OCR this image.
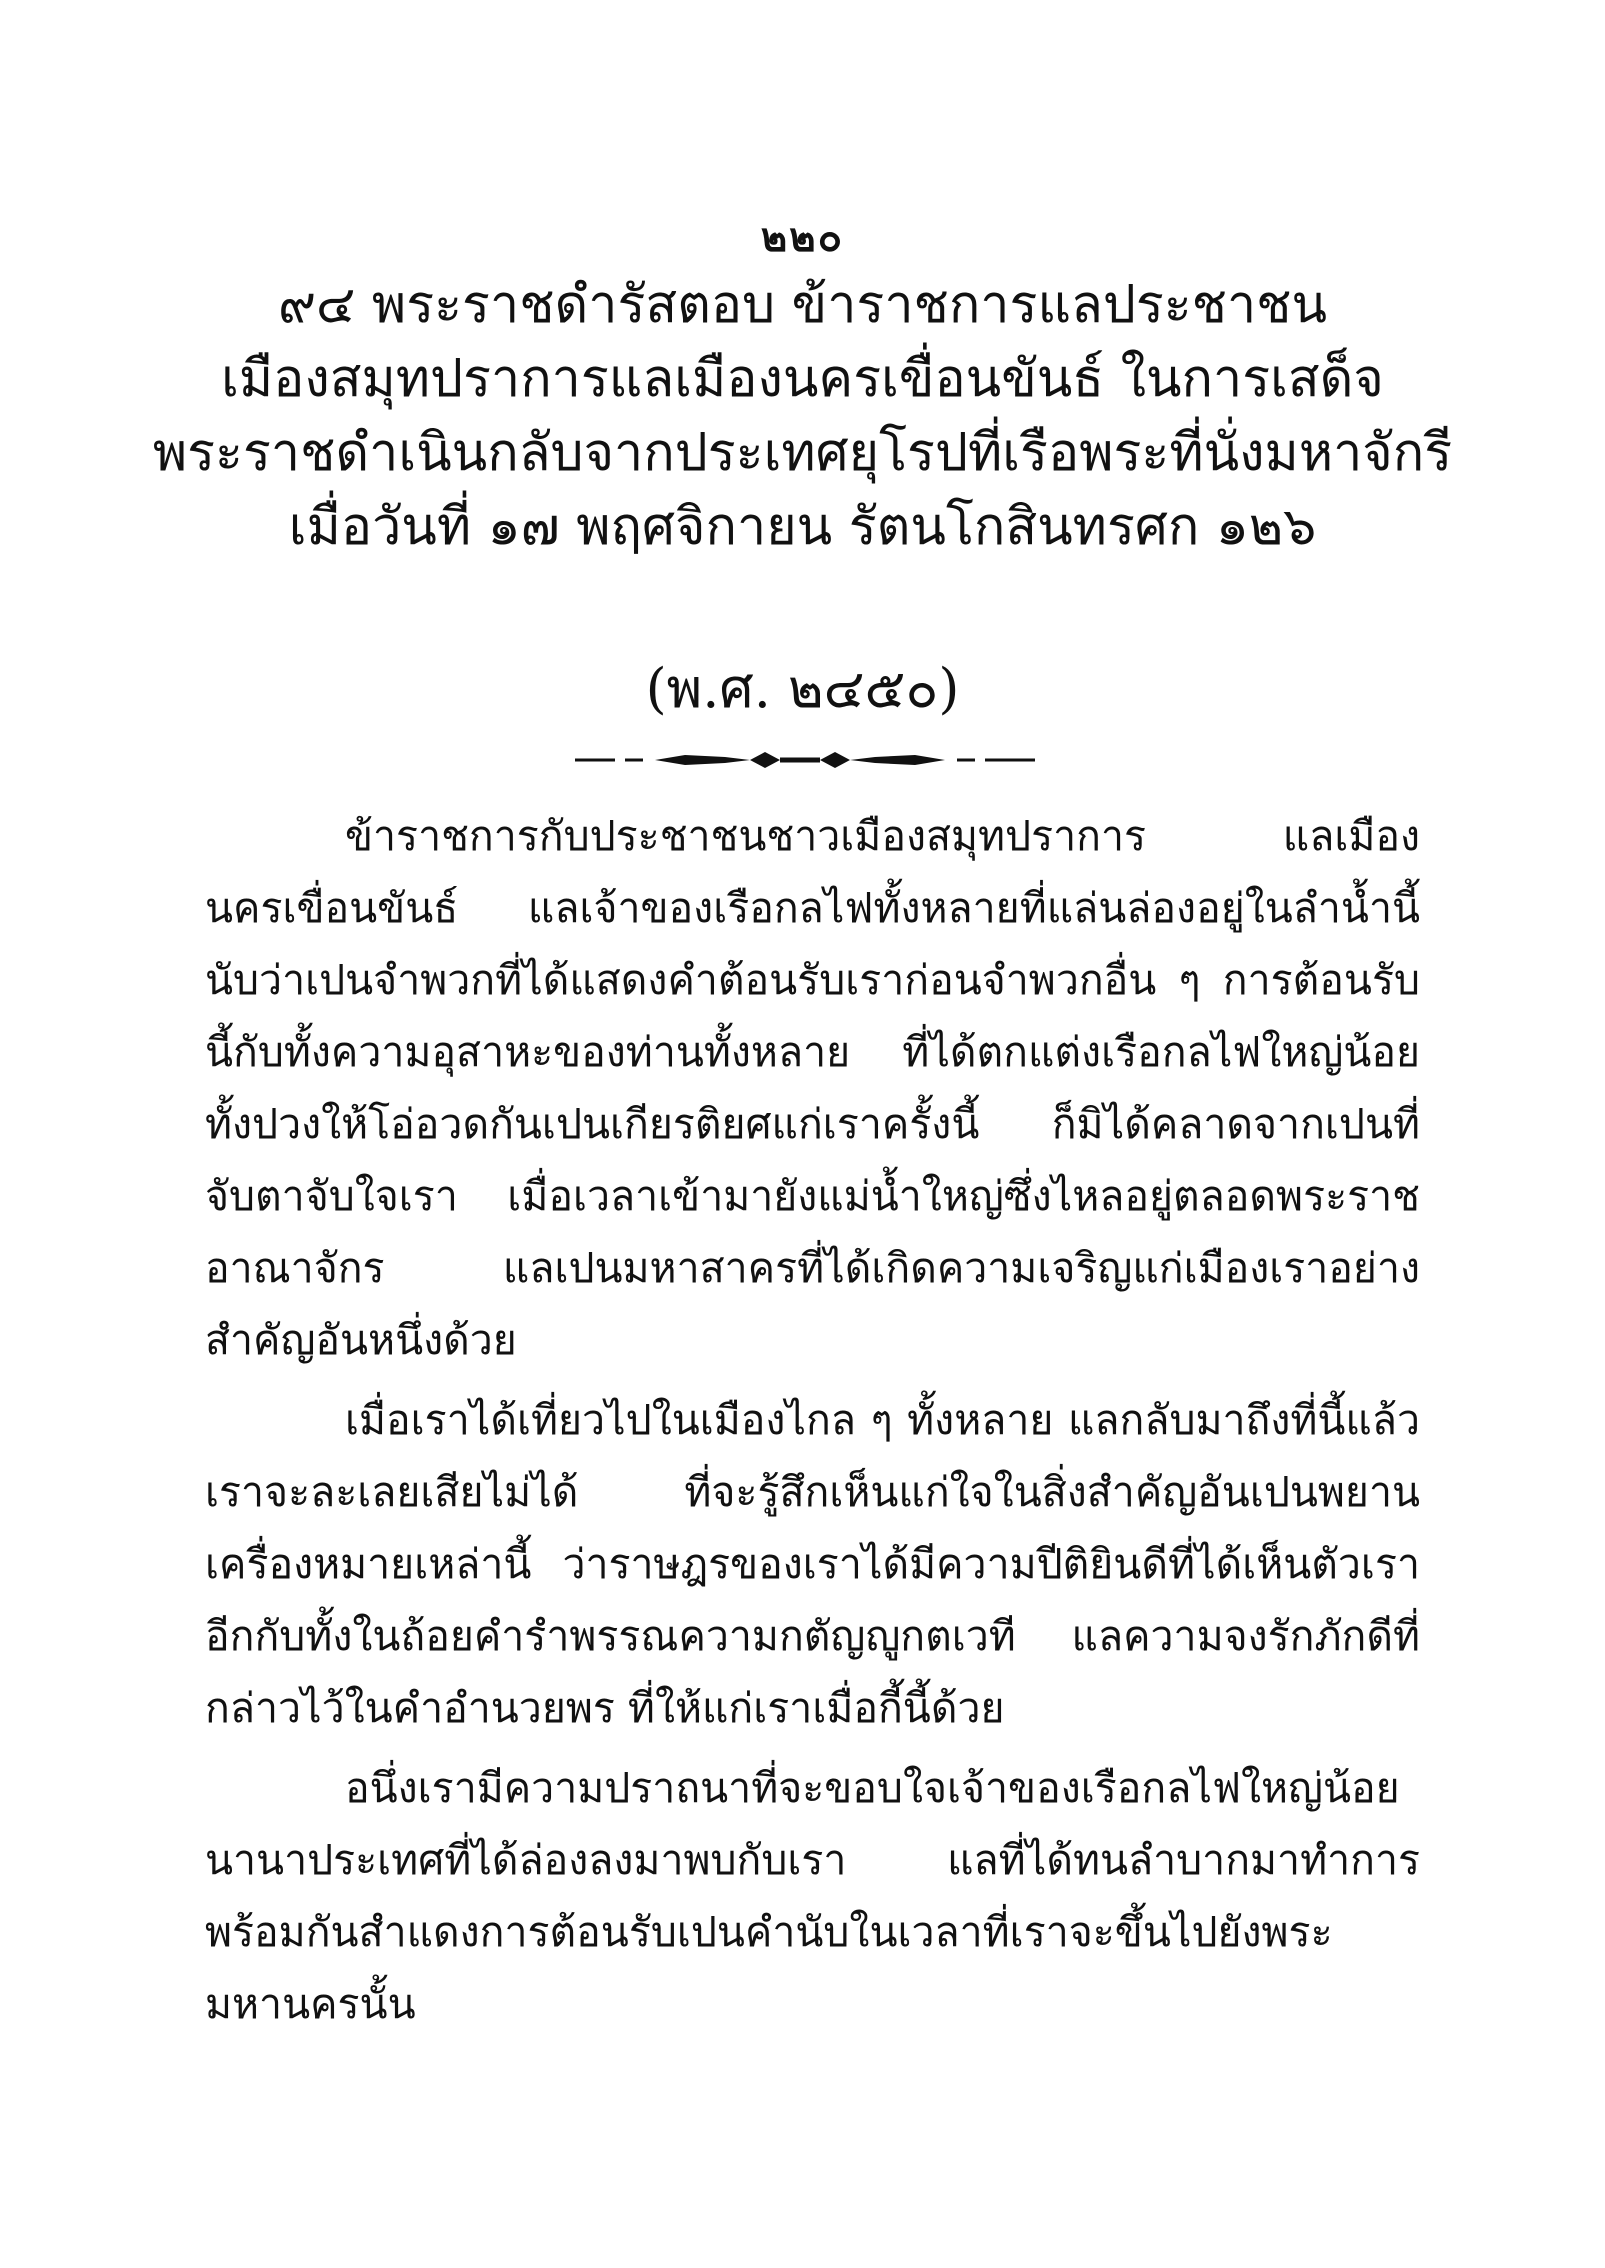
๒๒๐
๙๔ พระราชดำรัสตอบ ข้าราชการแลประชาชน
เมืองสมุทปราการแลเมืองนครเขื่อนขันธ์ ในการเสด็จ
พระราชดำเนินกลับจากประเทศยุโรปที่เรือพระที่นั่งมหาจักรี
เมื่อวันที่ ๑๗ พฤศจิกายน รัตนโกสินทรศก ๑๒๖
(พ.ศ. ๒๔๕๐)

ข้าราชการกับประชาชนชาวเมืองสมุทปราการ แลเมืองนครเขื่อนขันธ์ แลเจ้าของเรือกลไฟทั้งหลายที่แล่นล่องอยู่ในลำน้ำนี้ นับว่าเปนจำพวกที่ได้แสดงคำต้อนรับเราก่อนจำพวกอื่น ๆ การต้อนรับนี้กับทั้งความอุสาหะของท่านทั้งหลาย ที่ได้ตกแต่งเรือกลไฟใหญ่น้อยทั้งปวงให้โอ่อวดกันเปนเกียรติยศแก่เราครั้งนี้ ก็มิได้คลาดจากเปนที่จับตาจับใจเรา เมื่อเวลาเข้ามายังแม่น้ำใหญ่ซึ่งไหลอยู่ตลอดพระราชอาณาจักร แลเปนมหาสาครที่ได้เกิดความเจริญแก่เมืองเราอย่างสำคัญอันหนึ่งด้วย

เมื่อเราได้เที่ยวไปในเมืองไกล ๆ ทั้งหลาย แลกลับมาถึงที่นี้แล้ว เราจะละเลยเสียไม่ได้ ที่จะรู้สึกเห็นแก่ใจในสิ่งสำคัญอันเปนพยานเครื่องหมายเหล่านี้ ว่าราษฎรของเราได้มีความปีติยินดีที่ได้เห็นตัวเราอีกกับทั้งในถ้อยคำรำพรรณความกตัญญูกตเวที แลความจงรักภักดีที่กล่าวไว้ในคำอำนวยพร ที่ให้แก่เราเมื่อกี้นี้ด้วย

อนึ่งเรามีความปราถนาที่จะขอบใจเจ้าของเรือกลไฟใหญ่น้อยนานาประเทศที่ได้ล่องลงมาพบกับเรา แลที่ได้ทนลำบากมาทำการพร้อมกันสำแดงการต้อนรับเปนคำนับในเวลาที่เราจะขึ้นไปยังพระมหานครนั้น
